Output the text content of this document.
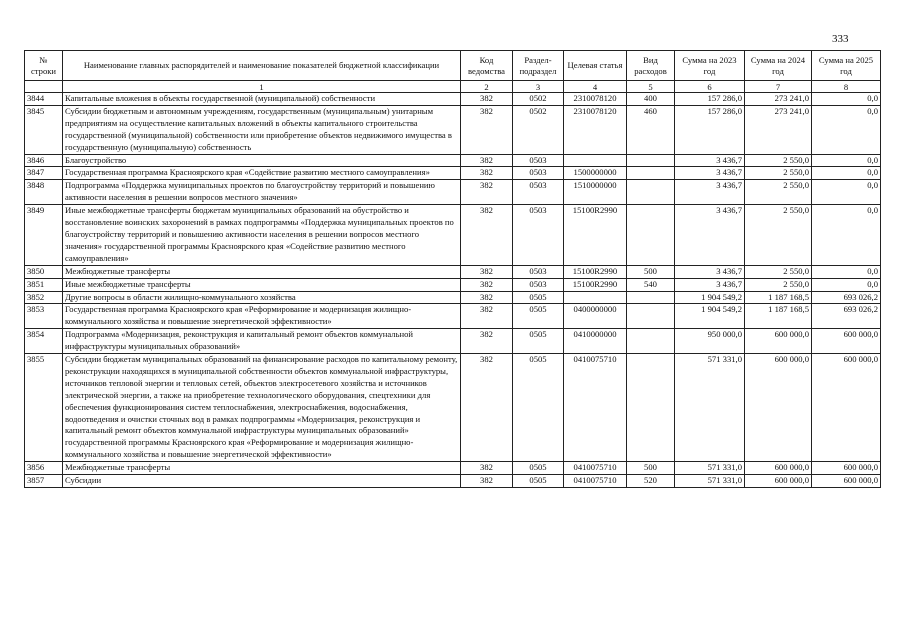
333
№ строки	Наименование главных распорядителей и наименование показателей бюджетной классификации	Код ведомства	Раздел-подраздел	Целевая статья	Вид расходов	Сумма на 2023 год	Сумма на 2024 год	Сумма на 2025 год
	1	2	3	4	5	6	7	8
3844	Капитальные вложения в объекты государственной (муниципальной) собственности	382	0502	2310078120	400	157 286,0	273 241,0	0,0
3845	Субсидии бюджетным и автономным учреждениям, государственным (муниципальным) унитарным предприятиям на осуществление капитальных вложений в объекты капитального строительства государственной (муниципальной) собственности или приобретение объектов недвижимого имущества в государственную (муниципальную) собственность	382	0502	2310078120	460	157 286,0	273 241,0	0,0
3846	Благоустройство	382	0503			3 436,7	2 550,0	0,0
3847	Государственная программа Красноярского края «Содействие развитию местного самоуправления»	382	0503	1500000000		3 436,7	2 550,0	0,0
3848	Подпрограмма «Поддержка муниципальных проектов по благоустройству территорий и повышению активности населения в решении вопросов местного значения»	382	0503	1510000000		3 436,7	2 550,0	0,0
3849	Иные межбюджетные трансферты бюджетам муниципальных образований на обустройство и восстановление воинских захоронений в рамках подпрограммы «Поддержка муниципальных проектов по благоустройству территорий и повышению активности населения в решении вопросов местного значения» государственной программы Красноярского края «Содействие развитию местного самоуправления»	382	0503	15100R2990		3 436,7	2 550,0	0,0
3850	Межбюджетные трансферты	382	0503	15100R2990	500	3 436,7	2 550,0	0,0
3851	Иные межбюджетные трансферты	382	0503	15100R2990	540	3 436,7	2 550,0	0,0
3852	Другие вопросы в области жилищно-коммунального хозяйства	382	0505			1 904 549,2	1 187 168,5	693 026,2
3853	Государственная программа Красноярского края «Реформирование и модернизация жилищно-коммунального хозяйства и повышение энергетической эффективности»	382	0505	0400000000		1 904 549,2	1 187 168,5	693 026,2
3854	Подпрограмма «Модернизация, реконструкция и капитальный ремонт объектов коммунальной инфраструктуры муниципальных образований»	382	0505	0410000000		950 000,0	600 000,0	600 000,0
3855	Субсидии бюджетам муниципальных образований на финансирование расходов по капитальному ремонту, реконструкции находящихся в муниципальной собственности объектов коммунальной инфраструктуры, источников тепловой энергии и тепловых сетей, объектов электросетевого хозяйства и источников электрической энергии, а также на приобретение технологического оборудования, спецтехники для обеспечения функционирования систем теплоснабжения, электроснабжения, водоснабжения, водоотведения и очистки сточных вод в рамках подпрограммы «Модернизация, реконструкция и капитальный ремонт объектов коммунальной инфраструктуры муниципальных образований» государственной программы Красноярского края «Реформирование и модернизация жилищно-коммунального хозяйства и повышение энергетической эффективности»	382	0505	0410075710		571 331,0	600 000,0	600 000,0
3856	Межбюджетные трансферты	382	0505	0410075710	500	571 331,0	600 000,0	600 000,0
3857	Субсидии	382	0505	0410075710	520	571 331,0	600 000,0	600 000,0
